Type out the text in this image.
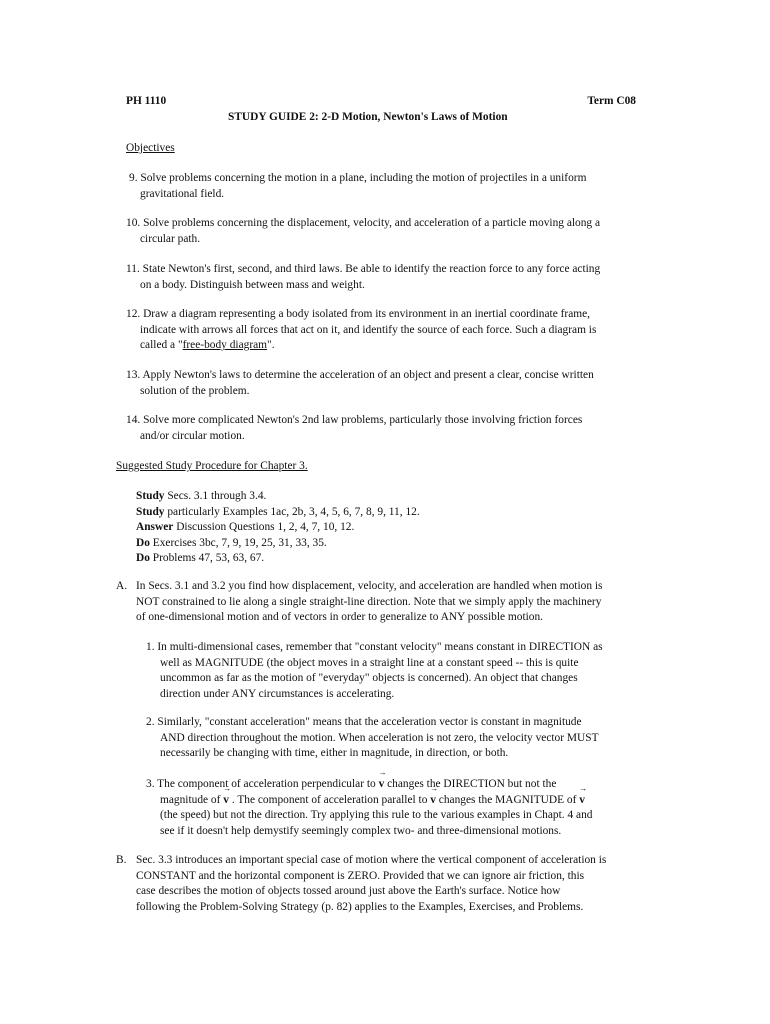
PH 1110	Term C08
STUDY GUIDE 2: 2-D Motion, Newton's Laws of Motion
Objectives

9. Solve problems concerning the motion in a plane, including the motion of projectiles in a uniform

gravitational field.

10. Solve problems concerning the displacement, velocity, and acceleration of a particle moving along a

circular path.

11. State Newton's first, second, and third laws. Be able to identify the reaction force to any force acting

on a body. Distinguish between mass and weight.

12. Draw a diagram representing a body isolated from its environment in an inertial coordinate frame,

indicate with arrows all forces that act on it, and identify the source of each force. Such a diagram is

called a "free-body diagram".

13. Apply Newton's laws to determine the acceleration of an object and present a clear, concise written

solution of the problem.

14. Solve more complicated Newton's 2nd law problems, particularly those involving friction forces

and/or circular motion.

Suggested Study Procedure for Chapter 3.

Study Secs. 3.1 through 3.4.

Study particularly Examples 1ac, 2b, 3, 4, 5, 6, 7, 8, 9, 11, 12.

Answer Discussion Questions 1, 2, 4, 7, 10, 12.

Do Exercises 3bc, 7, 9, 19, 25, 31, 33, 35.

Do Problems 47, 53, 63, 67.

A. In Secs. 3.1 and 3.2 you find how displacement, velocity, and acceleration are handled when motion is

NOT constrained to lie along a single straight-line direction. Note that we simply apply the machinery

of one-dimensional motion and of vectors in order to generalize to ANY possible motion.

1. In multi-dimensional cases, remember that "constant velocity" means constant in DIRECTION as

well as MAGNITUDE (the object moves in a straight line at a constant speed -- this is quite

uncommon as far as the motion of "everyday" objects is concerned). An object that changes

direction under ANY circumstances is accelerating.

2. Similarly, "constant acceleration" means that the acceleration vector is constant in magnitude

AND direction throughout the motion. When acceleration is not zero, the velocity vector MUST

necessarily be changing with time, either in magnitude, in direction, or both.

3. The component of acceleration perpendicular to → v changes the DIRECTION but not the

magnitude of → v . The component of acceleration parallel to → v changes the MAGNITUDE of → v

(the speed) but not the direction. Try applying this rule to the various examples in Chapt. 4 and

see if it doesn't help demystify seemingly complex two- and three-dimensional motions.

B. Sec. 3.3 introduces an important special case of motion where the vertical component of acceleration is

CONSTANT and the horizontal component is ZERO. Provided that we can ignore air friction, this

case describes the motion of objects tossed around just above the Earth's surface. Notice how

following the Problem-Solving Strategy (p. 82) applies to the Examples, Exercises, and Problems.
